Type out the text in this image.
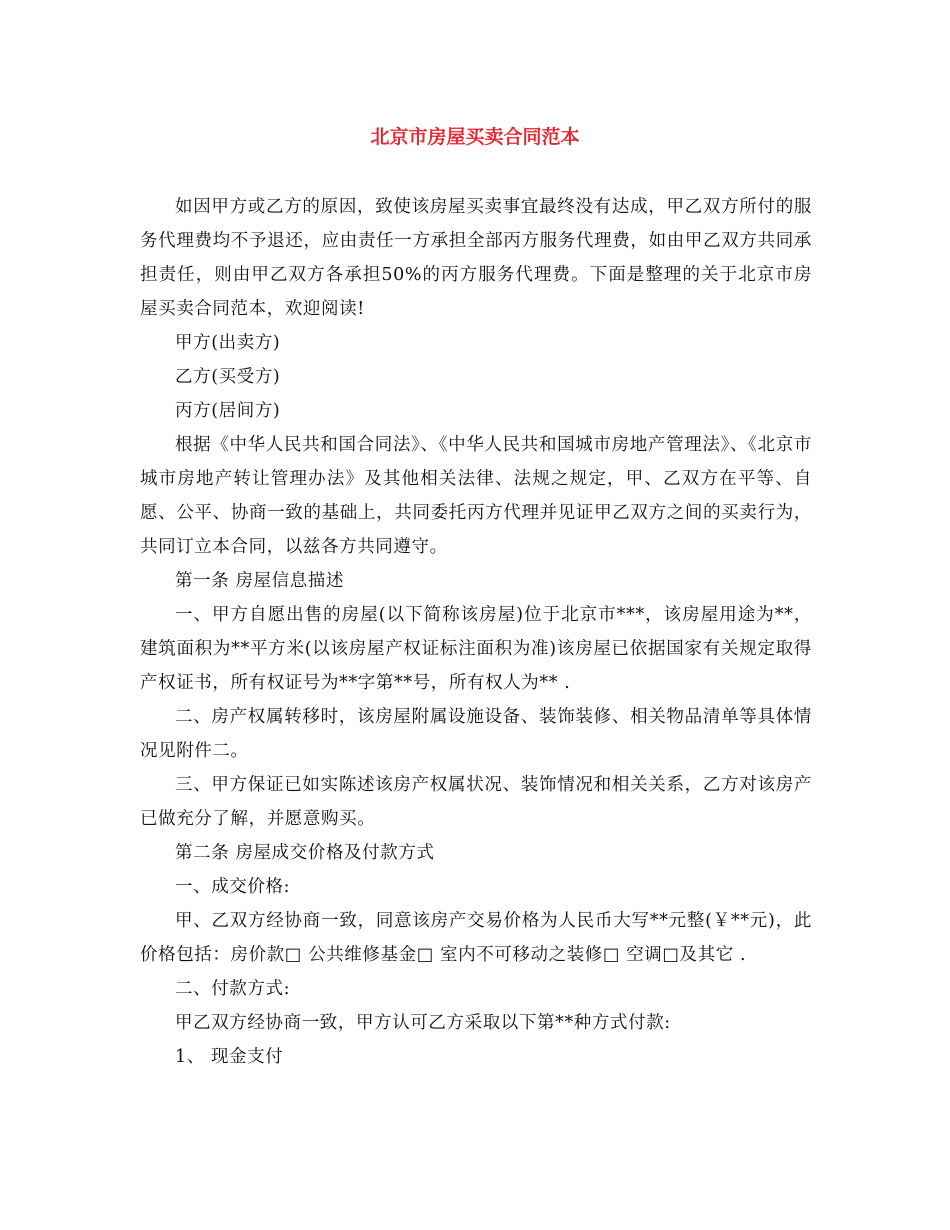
北京市房屋买卖合同范本

如因甲方或乙方的原因，致使该房屋买卖事宜最终没有达成，甲乙双方所付的服务代理费均不予退还，应由责任一方承担全部丙方服务代理费，如由甲乙双方共同承担责任，则由甲乙双方各承担50%的丙方服务代理费。下面是整理的关于北京市房屋买卖合同范本，欢迎阅读!

甲方(出卖方)

乙方(买受方)

丙方(居间方)

根据《中华人民共和国合同法》、《中华人民共和国城市房地产管理法》、《北京市城市房地产转让管理办法》及其他相关法律、法规之规定，甲、乙双方在平等、自愿、公平、协商一致的基础上，共同委托丙方代理并见证甲乙双方之间的买卖行为，共同订立本合同，以兹各方共同遵守。

第一条 房屋信息描述

一、甲方自愿出售的房屋(以下简称该房屋)位于北京市***，该房屋用途为**，建筑面积为**平方米(以该房屋产权证标注面积为准)该房屋已依据国家有关规定取得产权证书，所有权证号为**字第**号，所有权人为** .

二、房产权属转移时，该房屋附属设施设备、装饰装修、相关物品清单等具体情况见附件二。

三、甲方保证已如实陈述该房产权属状况、装饰情况和相关关系，乙方对该房产已做充分了解，并愿意购买。

第二条 房屋成交价格及付款方式

一、成交价格:

甲、乙双方经协商一致，同意该房产交易价格为人民币大写**元整(￥**元)，此价格包括：房价款□ 公共维修基金□ 室内不可移动之装修□ 空调□及其它 .

二、付款方式:

甲乙双方经协商一致，甲方认可乙方采取以下第**种方式付款:

1、 现金支付
